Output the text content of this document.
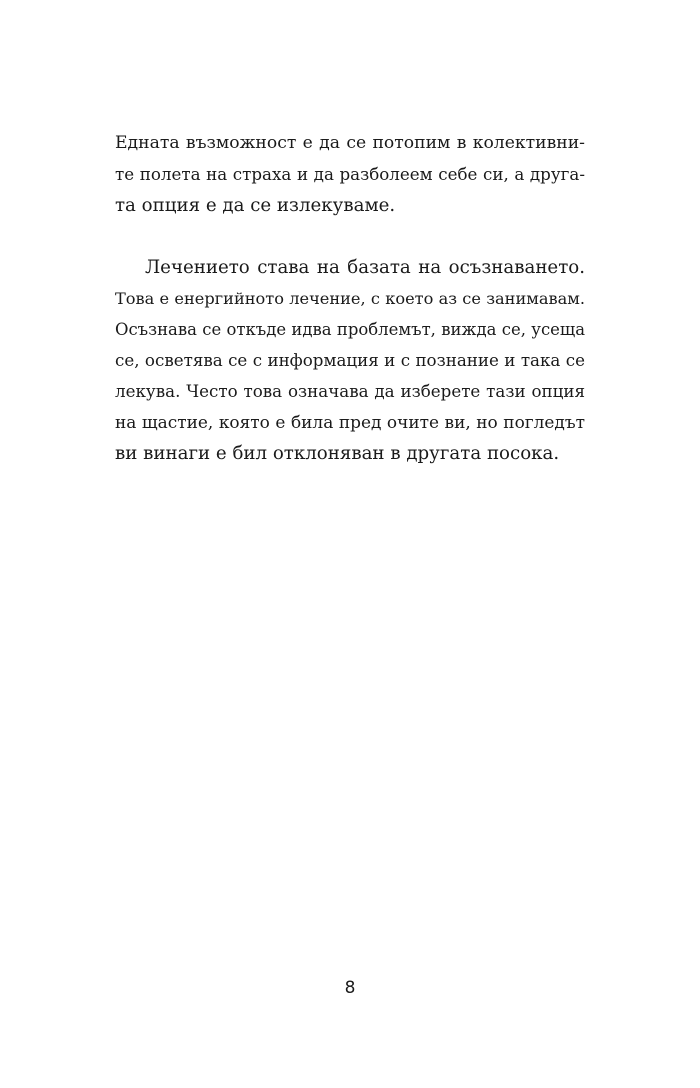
Едната възможност е да се потопим в колективни-
те полета на страха и да разболеем себе си, а друга-
та опция е да се излекуваме.

Лечението става на базата на осъзнаването.
Това е енергийното лечение, с което аз се занимавам.
Осъзнава се откъде идва проблемът, вижда се, усеща
се, осветява се с информация и с познание и така се
лекува. Често това означава да изберете тази опция
на щастие, която е била пред очите ви, но погледът
ви винаги е бил отклоняван в другата посока.

8
